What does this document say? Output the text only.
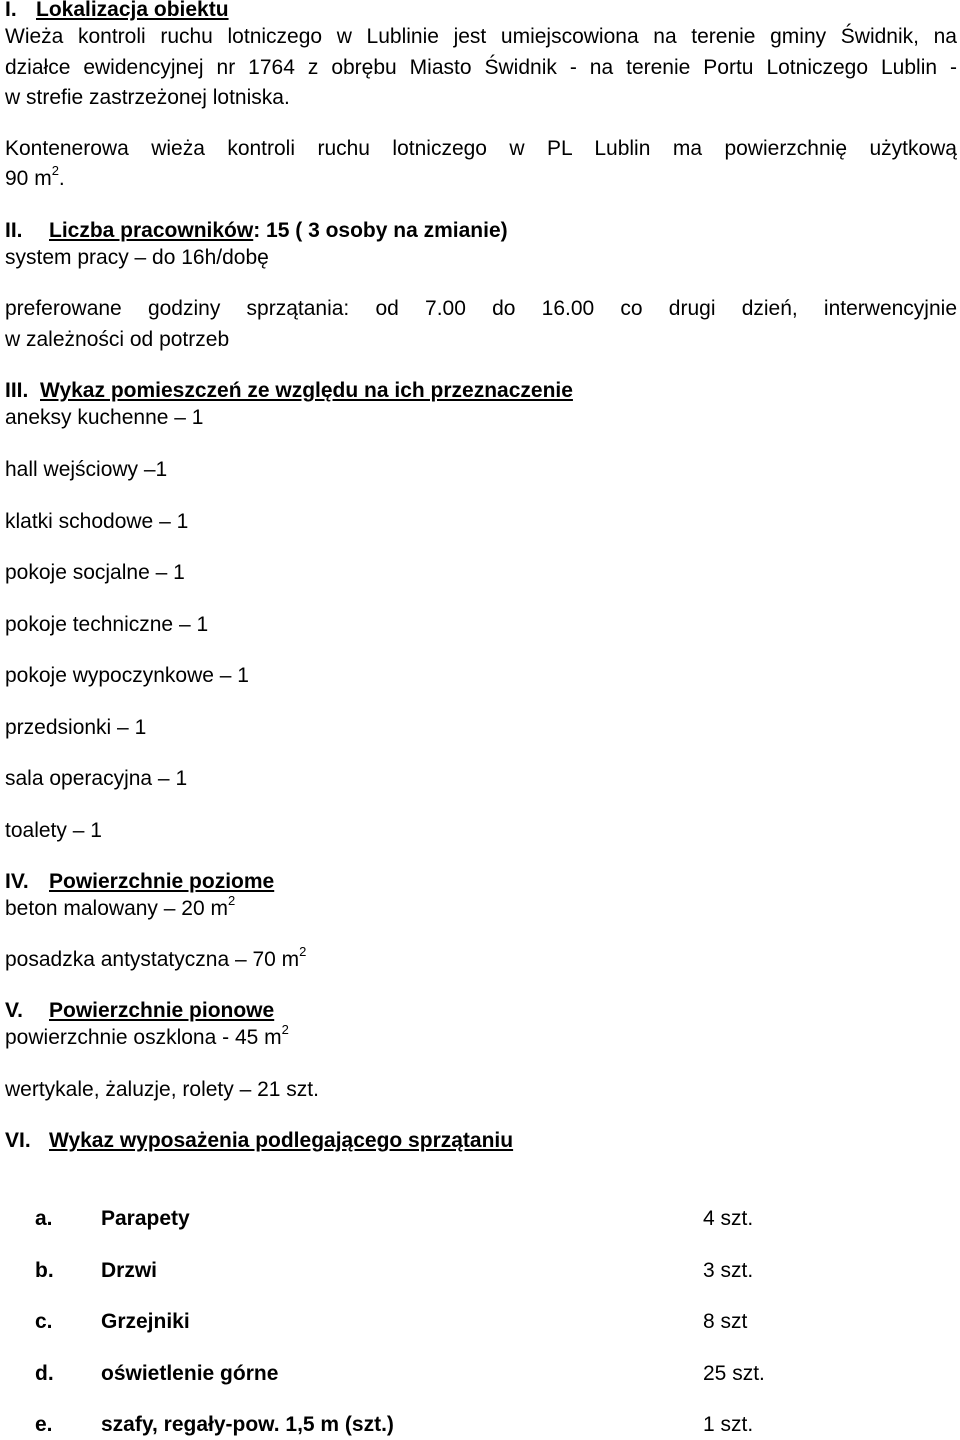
I. Lokalizacja obiektu
Wieża kontroli ruchu lotniczego w Lublinie jest umiejscowiona na terenie gminy Świdnik, na
działce ewidencyjnej nr 1764 z obrębu Miasto Świdnik - na terenie Portu Lotniczego Lublin -
w strefie zastrzeżonej lotniska.
Kontenerowa wieża kontroli ruchu lotniczego w PL Lublin ma powierzchnię użytkową
90 $m^2$.
II. Liczba pracowników: 15 ( 3 osoby na zmianie)
system pracy – do 16h/dobę
preferowane godziny sprzątania: od 7.00 do 16.00 co drugi dzień, interwencyjnie
w zależności od potrzeb
III. Wykaz pomieszczeń ze względu na ich przeznaczenie
aneksy kuchenne – 1
hall wejściowy –1
klatki schodowe – 1
pokoje socjalne – 1
pokoje techniczne – 1
pokoje wypoczynkowe – 1
przedsionki – 1
sala operacyjna – 1
toalety – 1
IV. Powierzchnie poziome
beton malowany – 20 $m^2$
posadzka antystatyczna – 70 $m^2$
V. Powierzchnie pionowe
powierzchnie oszklona - 45 $m^2$
wertykale, żaluzje, rolety – 21 szt.
VI. Wykaz wyposażenia podlegającego sprzątaniu
a. Parapety	4 szt.
b. Drzwi	3 szt.
c. Grzejniki	8 szt
d. oświetlenie górne	25 szt.
e. szafy, regały-pow. 1,5 m (szt.)	1 szt.
